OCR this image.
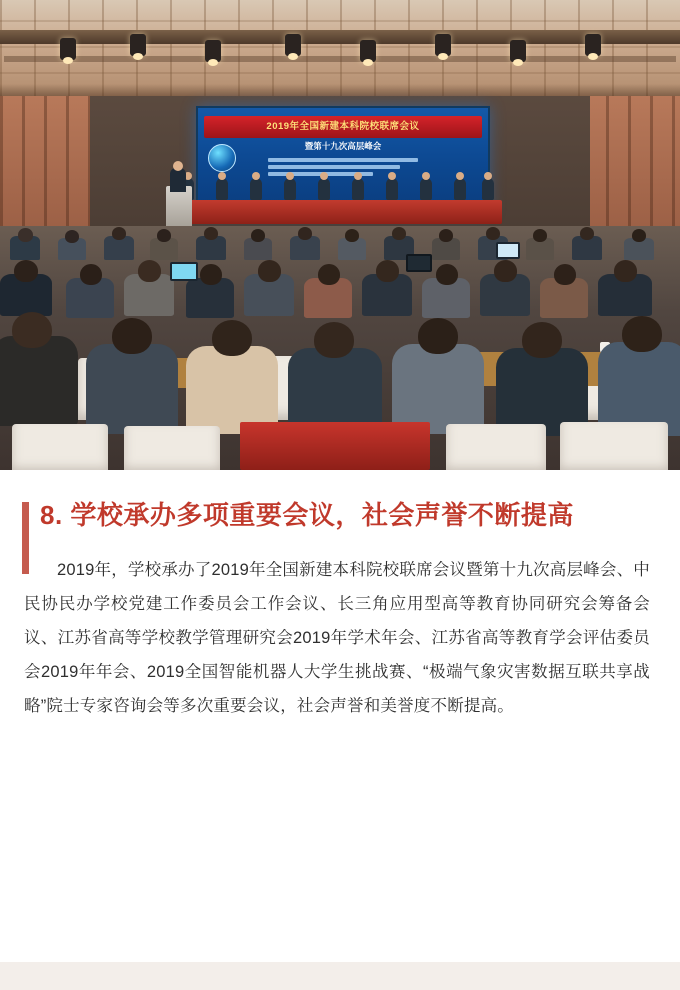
2019年全国新建本科院校联席会议
暨第十九次高层峰会
8. 学校承办多项重要会议，社会声誉不断提高

2019年，学校承办了2019年全国新建本科院校联席会议暨第十九次高层峰会、中民协民办学校党建工作委员会工作会议、长三角应用型高等教育协同研究会筹备会议、江苏省高等学校教学管理研究会2019年学术年会、江苏省高等教育学会评估委员会2019年年会、2019全国智能机器人大学生挑战赛、“极端气象灾害数据互联共享战略”院士专家咨询会等多次重要会议，社会声誉和美誉度不断提高。
